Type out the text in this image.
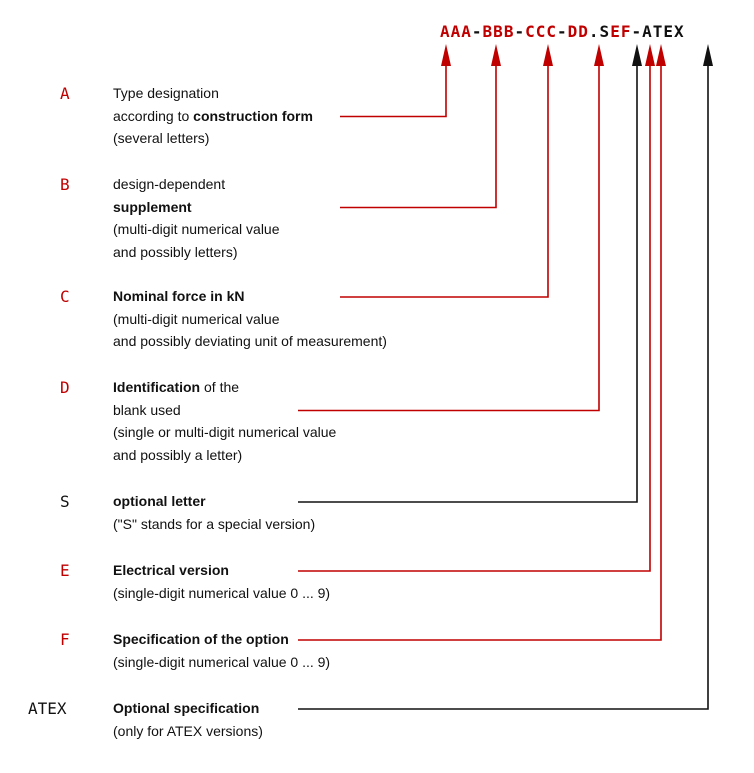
AAA-BBB-CCC-DD.SEF-ATEX
A	Type designation
according to construction form
(several letters)
B	design-dependent
supplement
(multi-digit numerical value
and possibly letters)
C	Nominal force in kN
(multi-digit numerical value
and possibly deviating unit of measurement)
D	Identification of the
blank used
(single or multi-digit numerical value
and possibly a letter)
S	optional letter
("S" stands for a special version)
E	Electrical version
(single-digit numerical value 0 ... 9)
F	Specification of the option
(single-digit numerical value 0 ... 9)
ATEX	Optional specification
(only for ATEX versions)
